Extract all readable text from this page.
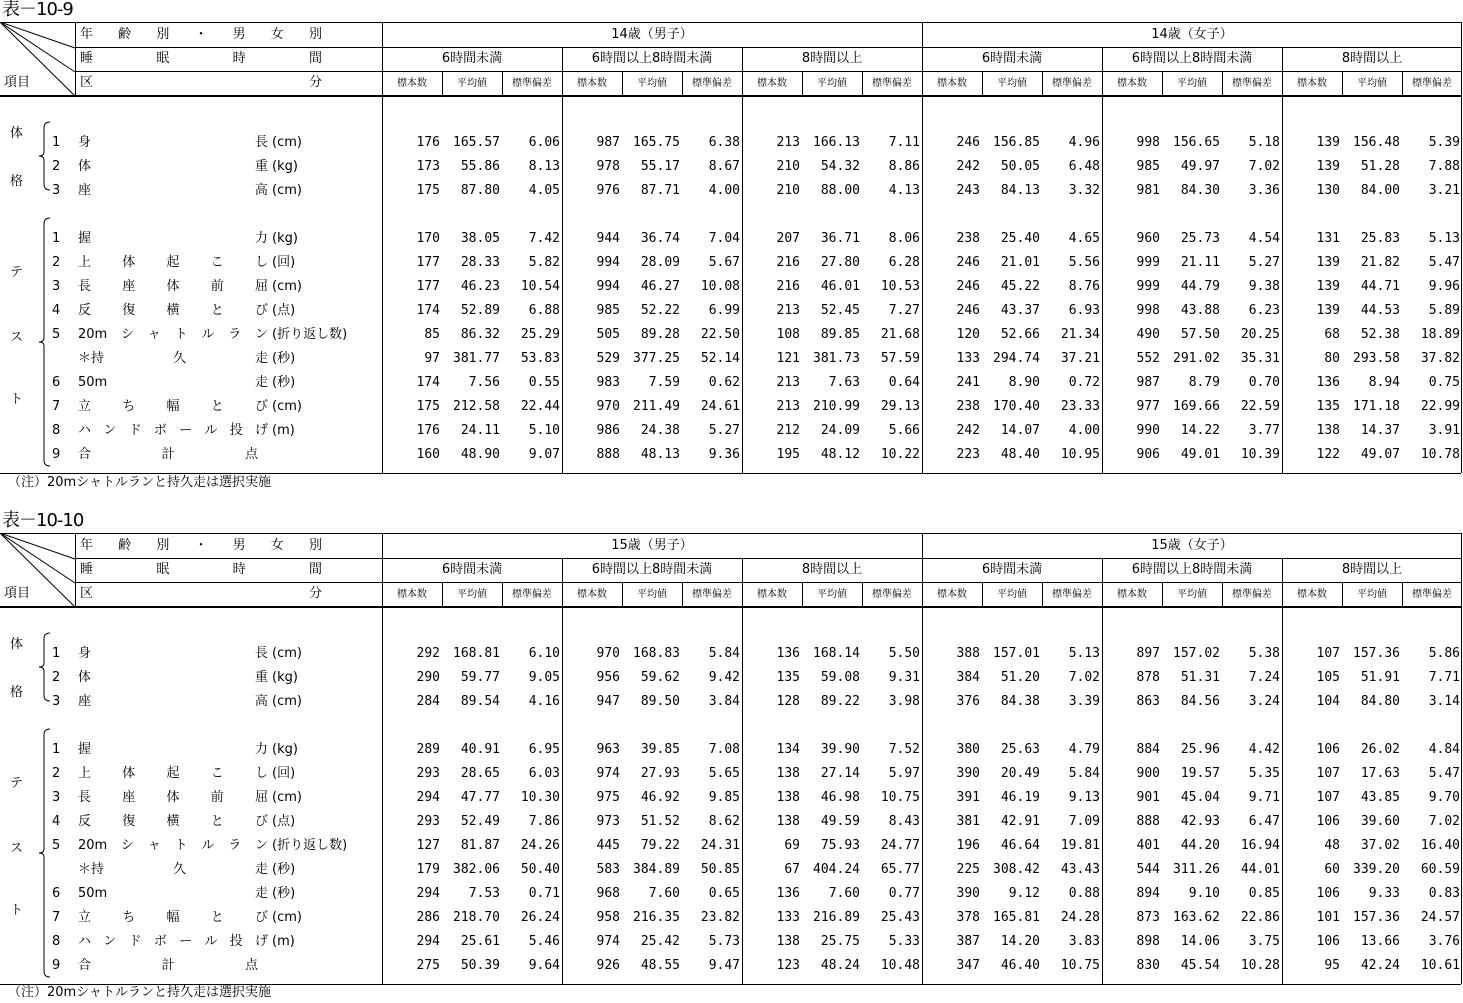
表－10-9
年 齢 別 ・ 男 女 別
睡	眠	時	間
区	分
項目
14歳（男子）	14歳（女子）
6時間未満
標本数	平均値	標準偏差
6時間以上8時間未満
標本数	平均値	標準偏差
8時間以上
標本数	平均値	標準偏差
6時間未満
標本数	平均値	標準偏差
6時間以上8時間未満
標本数	平均値	標準偏差
8時間以上
標本数	平均値	標準偏差
体
格
テ
ス
ト
1 身	長 (cm)	176	165.57	6.06	987	165.75	6.38	213	166.13	7.11	246	156.85	4.96	998	156.65	5.18	139	156.48	5.39
2 体	重 (kg)	173	55.86	8.13	978	55.17	8.67	210	54.32	8.86	242	50.05	6.48	985	49.97	7.02	139	51.28	7.88
3 座	高 (cm)	175	87.80	4.05	976	87.71	4.00	210	88.00	4.13	243	84.13	3.32	981	84.30	3.36	130	84.00	3.21
1 握	力 (kg)	170	38.05	7.42	944	36.74	7.04	207	36.71	8.06	238	25.40	4.65	960	25.73	4.54	131	25.83	5.13
2 上 体 起 こ し (回)	177	28.33	5.82	994	28.09	5.67	216	27.80	6.28	246	21.01	5.56	999	21.11	5.27	139	21.82	5.47
3 長 座 体 前 屈 (cm)	177	46.23	10.54	994	46.27	10.08	216	46.01	10.53	246	45.22	8.76	999	44.79	9.38	139	44.71	9.96
4 反 復 横 と び (点)	174	52.89	6.88	985	52.22	6.99	213	52.45	7.27	246	43.37	6.93	998	43.88	6.23	139	44.53	5.89
5 20m シ ャ ト ル ラ ン (折り返し数)	85	86.32	25.29	505	89.28	22.50	108	89.85	21.68	120	52.66	21.34	490	57.50	20.25	68	52.38	18.89
＊持	久	走 (秒)	97	381.77	53.83	529	377.25	52.14	121	381.73	57.59	133	294.74	37.21	552	291.02	35.31	80	293.58	37.82
6 50m	走 (秒)	174	7.56	0.55	983	7.59	0.62	213	7.63	0.64	241	8.90	0.72	987	8.79	0.70	136	8.94	0.75
7 立 ち 幅 と び (cm)	175	212.58	22.44	970	211.49	24.61	213	210.99	29.13	238	170.40	23.33	977	169.66	22.59	135	171.18	22.99
8 ハ ン ド ボ ー ル 投 げ (m)	176	24.11	5.10	986	24.38	5.27	212	24.09	5.66	242	14.07	4.00	990	14.22	3.77	138	14.37	3.91
9 合	計	点	160	48.90	9.07	888	48.13	9.36	195	48.12	10.22	223	48.40	10.95	906	49.01	10.39	122	49.07	10.78
（注）20mシャトルランと持久走は選択実施
表－10-10
年 齢 別 ・ 男 女 別
睡	眠	時	間
区	分
項目
15歳（男子）	15歳（女子）
6時間未満
標本数	平均値	標準偏差
6時間以上8時間未満
標本数	平均値	標準偏差
8時間以上
標本数	平均値	標準偏差
6時間未満
標本数	平均値	標準偏差
6時間以上8時間未満
標本数	平均値	標準偏差
8時間以上
標本数	平均値	標準偏差
体
格
テ
ス
ト
1 身	長 (cm)	292	168.81	6.10	970	168.83	5.84	136	168.14	5.50	388	157.01	5.13	897	157.02	5.38	107	157.36	5.86
2 体	重 (kg)	290	59.77	9.05	956	59.62	9.42	135	59.08	9.31	384	51.20	7.02	878	51.31	7.24	105	51.91	7.71
3 座	高 (cm)	284	89.54	4.16	947	89.50	3.84	128	89.22	3.98	376	84.38	3.39	863	84.56	3.24	104	84.80	3.14
1 握	力 (kg)	289	40.91	6.95	963	39.85	7.08	134	39.90	7.52	380	25.63	4.79	884	25.96	4.42	106	26.02	4.84
2 上 体 起 こ し (回)	293	28.65	6.03	974	27.93	5.65	138	27.14	5.97	390	20.49	5.84	900	19.57	5.35	107	17.63	5.47
3 長 座 体 前 屈 (cm)	294	47.77	10.30	975	46.92	9.85	138	46.98	10.75	391	46.19	9.13	901	45.04	9.71	107	43.85	9.70
4 反 復 横 と び (点)	293	52.49	7.86	973	51.52	8.62	138	49.59	8.43	381	42.91	7.09	888	42.93	6.47	106	39.60	7.02
5 20m シ ャ ト ル ラ ン (折り返し数)	127	81.87	24.26	445	79.22	24.31	69	75.93	24.77	196	46.64	19.81	401	44.20	16.94	48	37.02	16.40
＊持	久	走 (秒)	179	382.06	50.40	583	384.89	50.85	67	404.24	65.77	225	308.42	43.43	544	311.26	44.01	60	339.20	60.59
6 50m	走 (秒)	294	7.53	0.71	968	7.60	0.65	136	7.60	0.77	390	9.12	0.88	894	9.10	0.85	106	9.33	0.83
7 立 ち 幅 と び (cm)	286	218.70	26.24	958	216.35	23.82	133	216.89	25.43	378	165.81	24.28	873	163.62	22.86	101	157.36	24.57
8 ハ ン ド ボ ー ル 投 げ (m)	294	25.61	5.46	974	25.42	5.73	138	25.75	5.33	387	14.20	3.83	898	14.06	3.75	106	13.66	3.76
9 合	計	点	275	50.39	9.64	926	48.55	9.47	123	48.24	10.48	347	46.40	10.75	830	45.54	10.28	95	42.24	10.61
（注）20mシャトルランと持久走は選択実施
